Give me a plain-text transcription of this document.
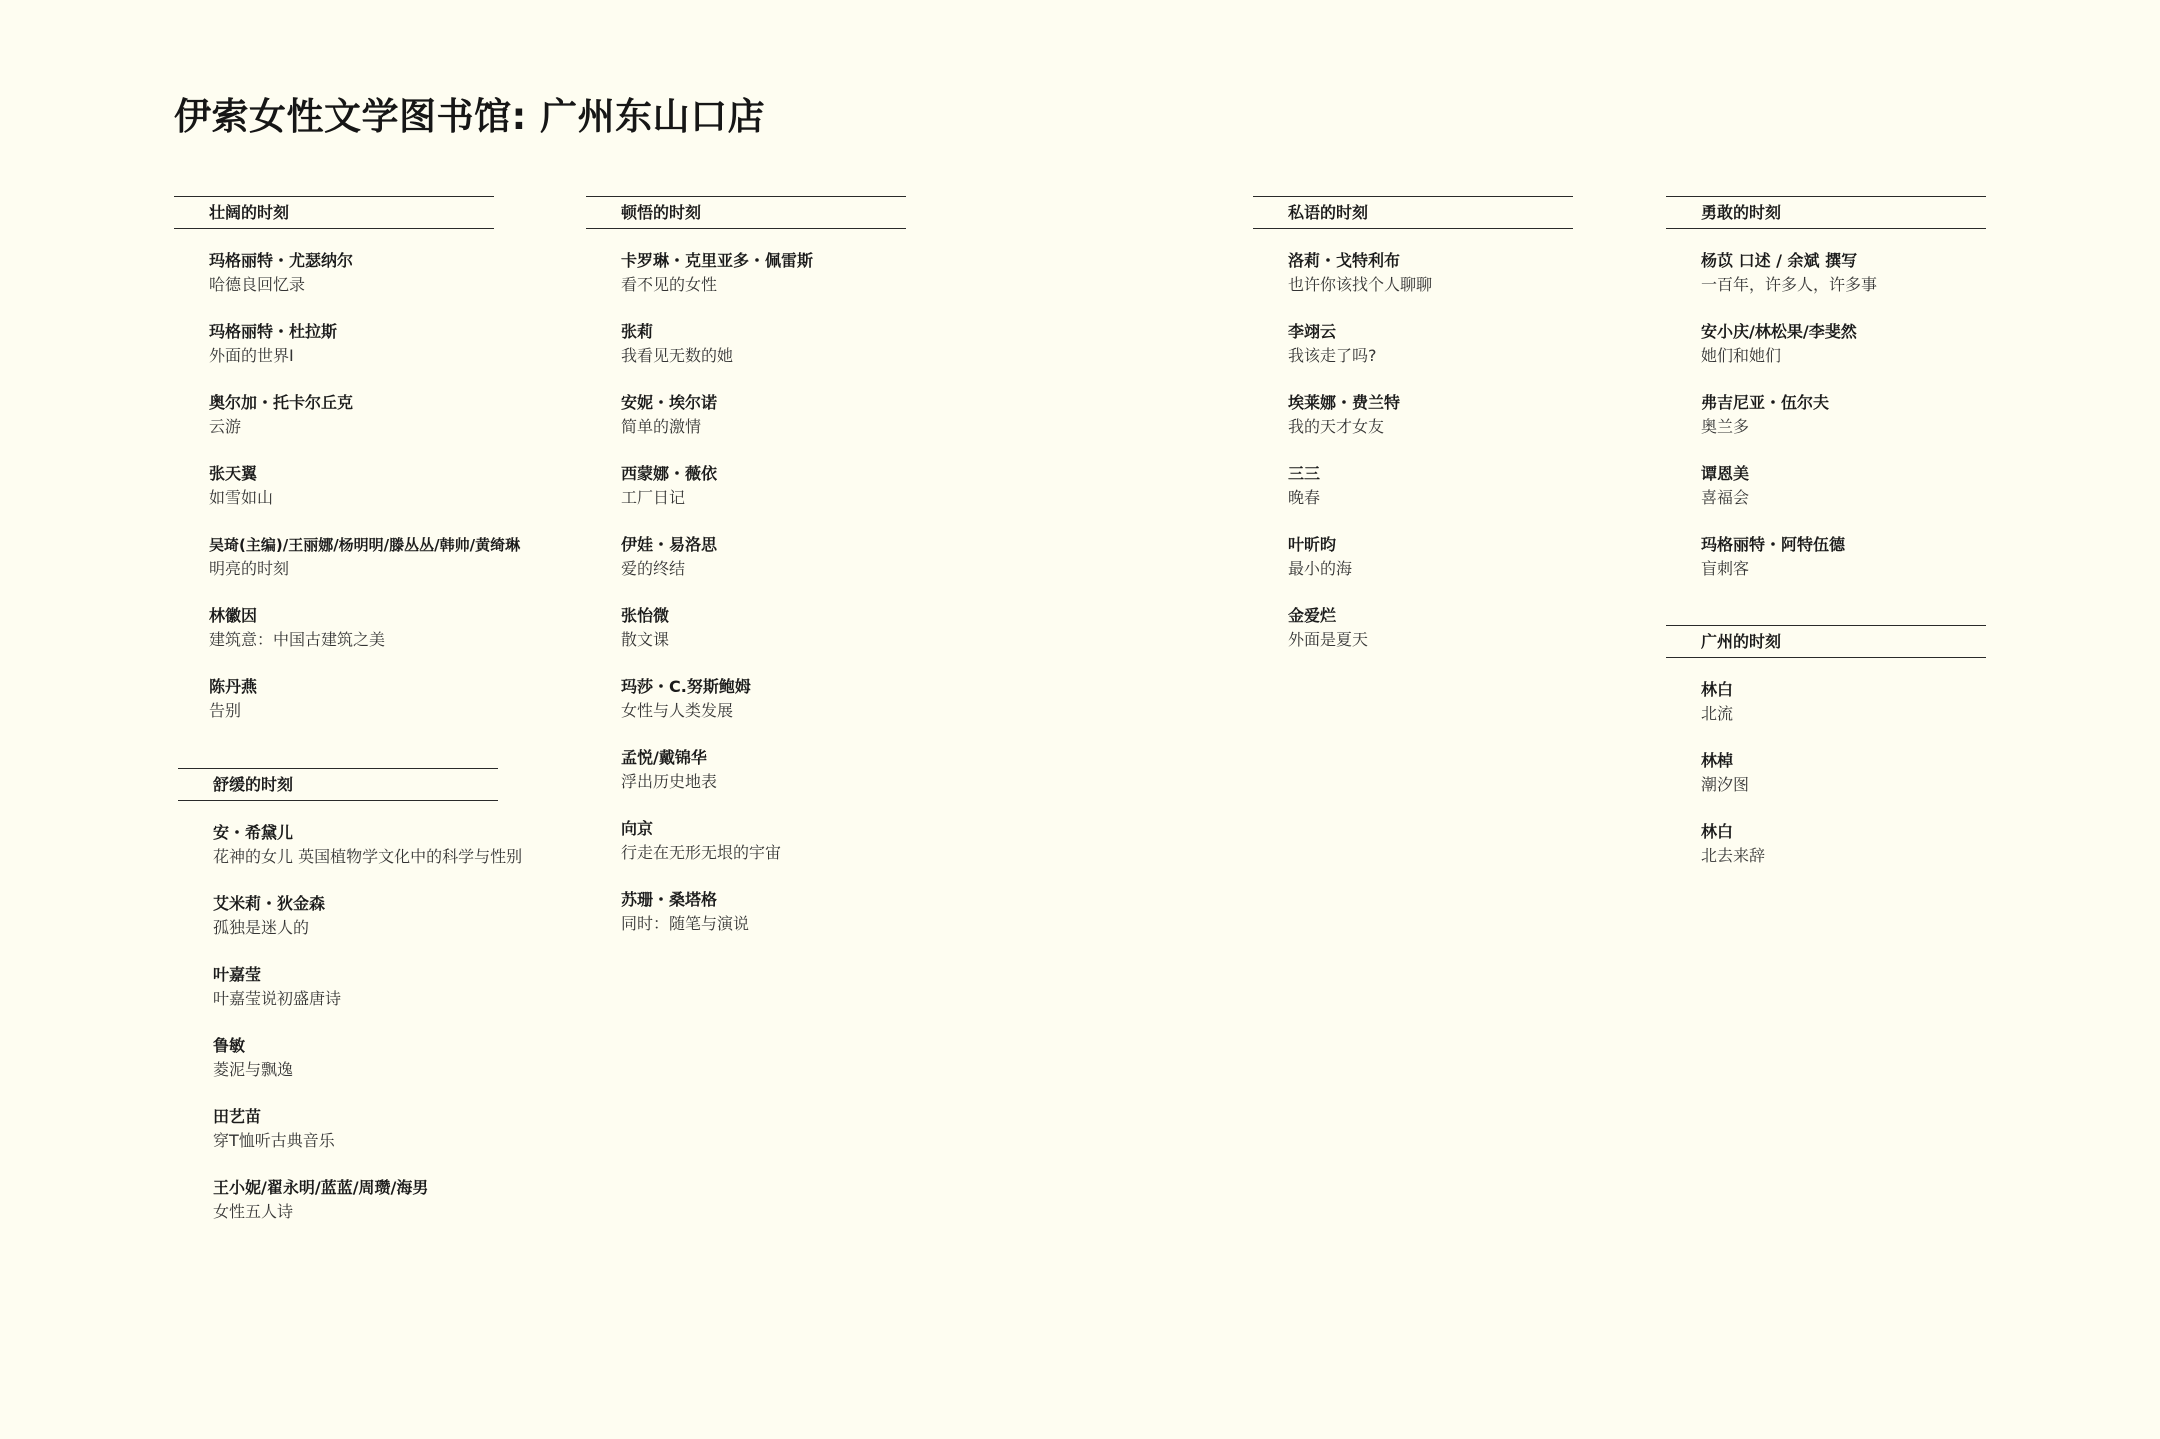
伊索女性文学图书馆: 广州东山口店
壮阔的时刻
玛格丽特・尤瑟纳尔
哈德良回忆录
玛格丽特・杜拉斯
外面的世界I
奥尔加・托卡尔丘克
云游
张天翼
如雪如山
吴琦(主编)/王丽娜/杨明明/滕丛丛/韩帅/黄绮琳
明亮的时刻
林徽因
建筑意：中国古建筑之美
陈丹燕
告别
舒缓的时刻
安・希黛儿
花神的女儿 英国植物学文化中的科学与性别
艾米莉・狄金森
孤独是迷人的
叶嘉莹
叶嘉莹说初盛唐诗
鲁敏
菱泥与飘逸
田艺苗
穿T恤听古典音乐
王小妮/翟永明/蓝蓝/周瓒/海男
女性五人诗
顿悟的时刻
卡罗琳・克里亚多・佩雷斯
看不见的女性
张莉
我看见无数的她
安妮・埃尔诺
简单的激情
西蒙娜・薇依
工厂日记
伊娃・易洛思
爱的终结
张怡微
散文课
玛莎・C.努斯鲍姆
女性与人类发展
孟悦/戴锦华
浮出历史地表
向京
行走在无形无垠的宇宙
苏珊・桑塔格
同时：随笔与演说
私语的时刻
洛莉・戈特利布
也许你该找个人聊聊
李翊云
我该走了吗?
埃莱娜・费兰特
我的天才女友
三三
晚春
叶昕昀
最小的海
金爱烂
外面是夏天
勇敢的时刻
杨苡 口述 / 余斌 撰写
一百年，许多人，许多事
安小庆/林松果/李斐然
她们和她们
弗吉尼亚・伍尔夫
奥兰多
谭恩美
喜福会
玛格丽特・阿特伍德
盲刺客
广州的时刻
林白
北流
林棹
潮汐图
林白
北去来辞
